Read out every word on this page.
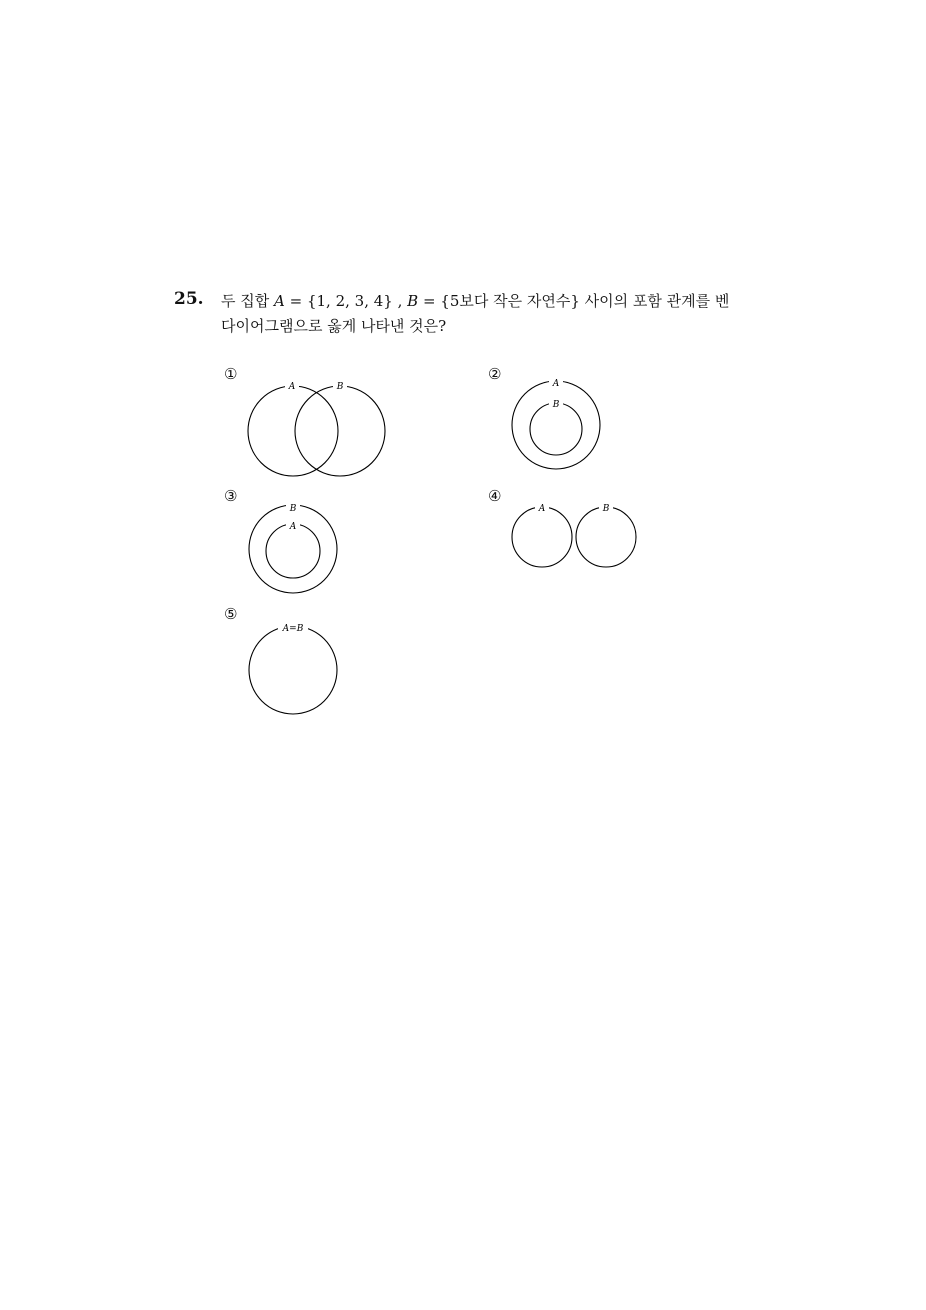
25. 두 집합 A = {1, 2, 3, 4} , B = {5보다 작은 자연수} 사이의 포함 관계를 벤
다이어그램으로 옳게 나타낸 것은?
①
A	B
②
A
B
③
B
A
④
A	B
⑤
A=B
